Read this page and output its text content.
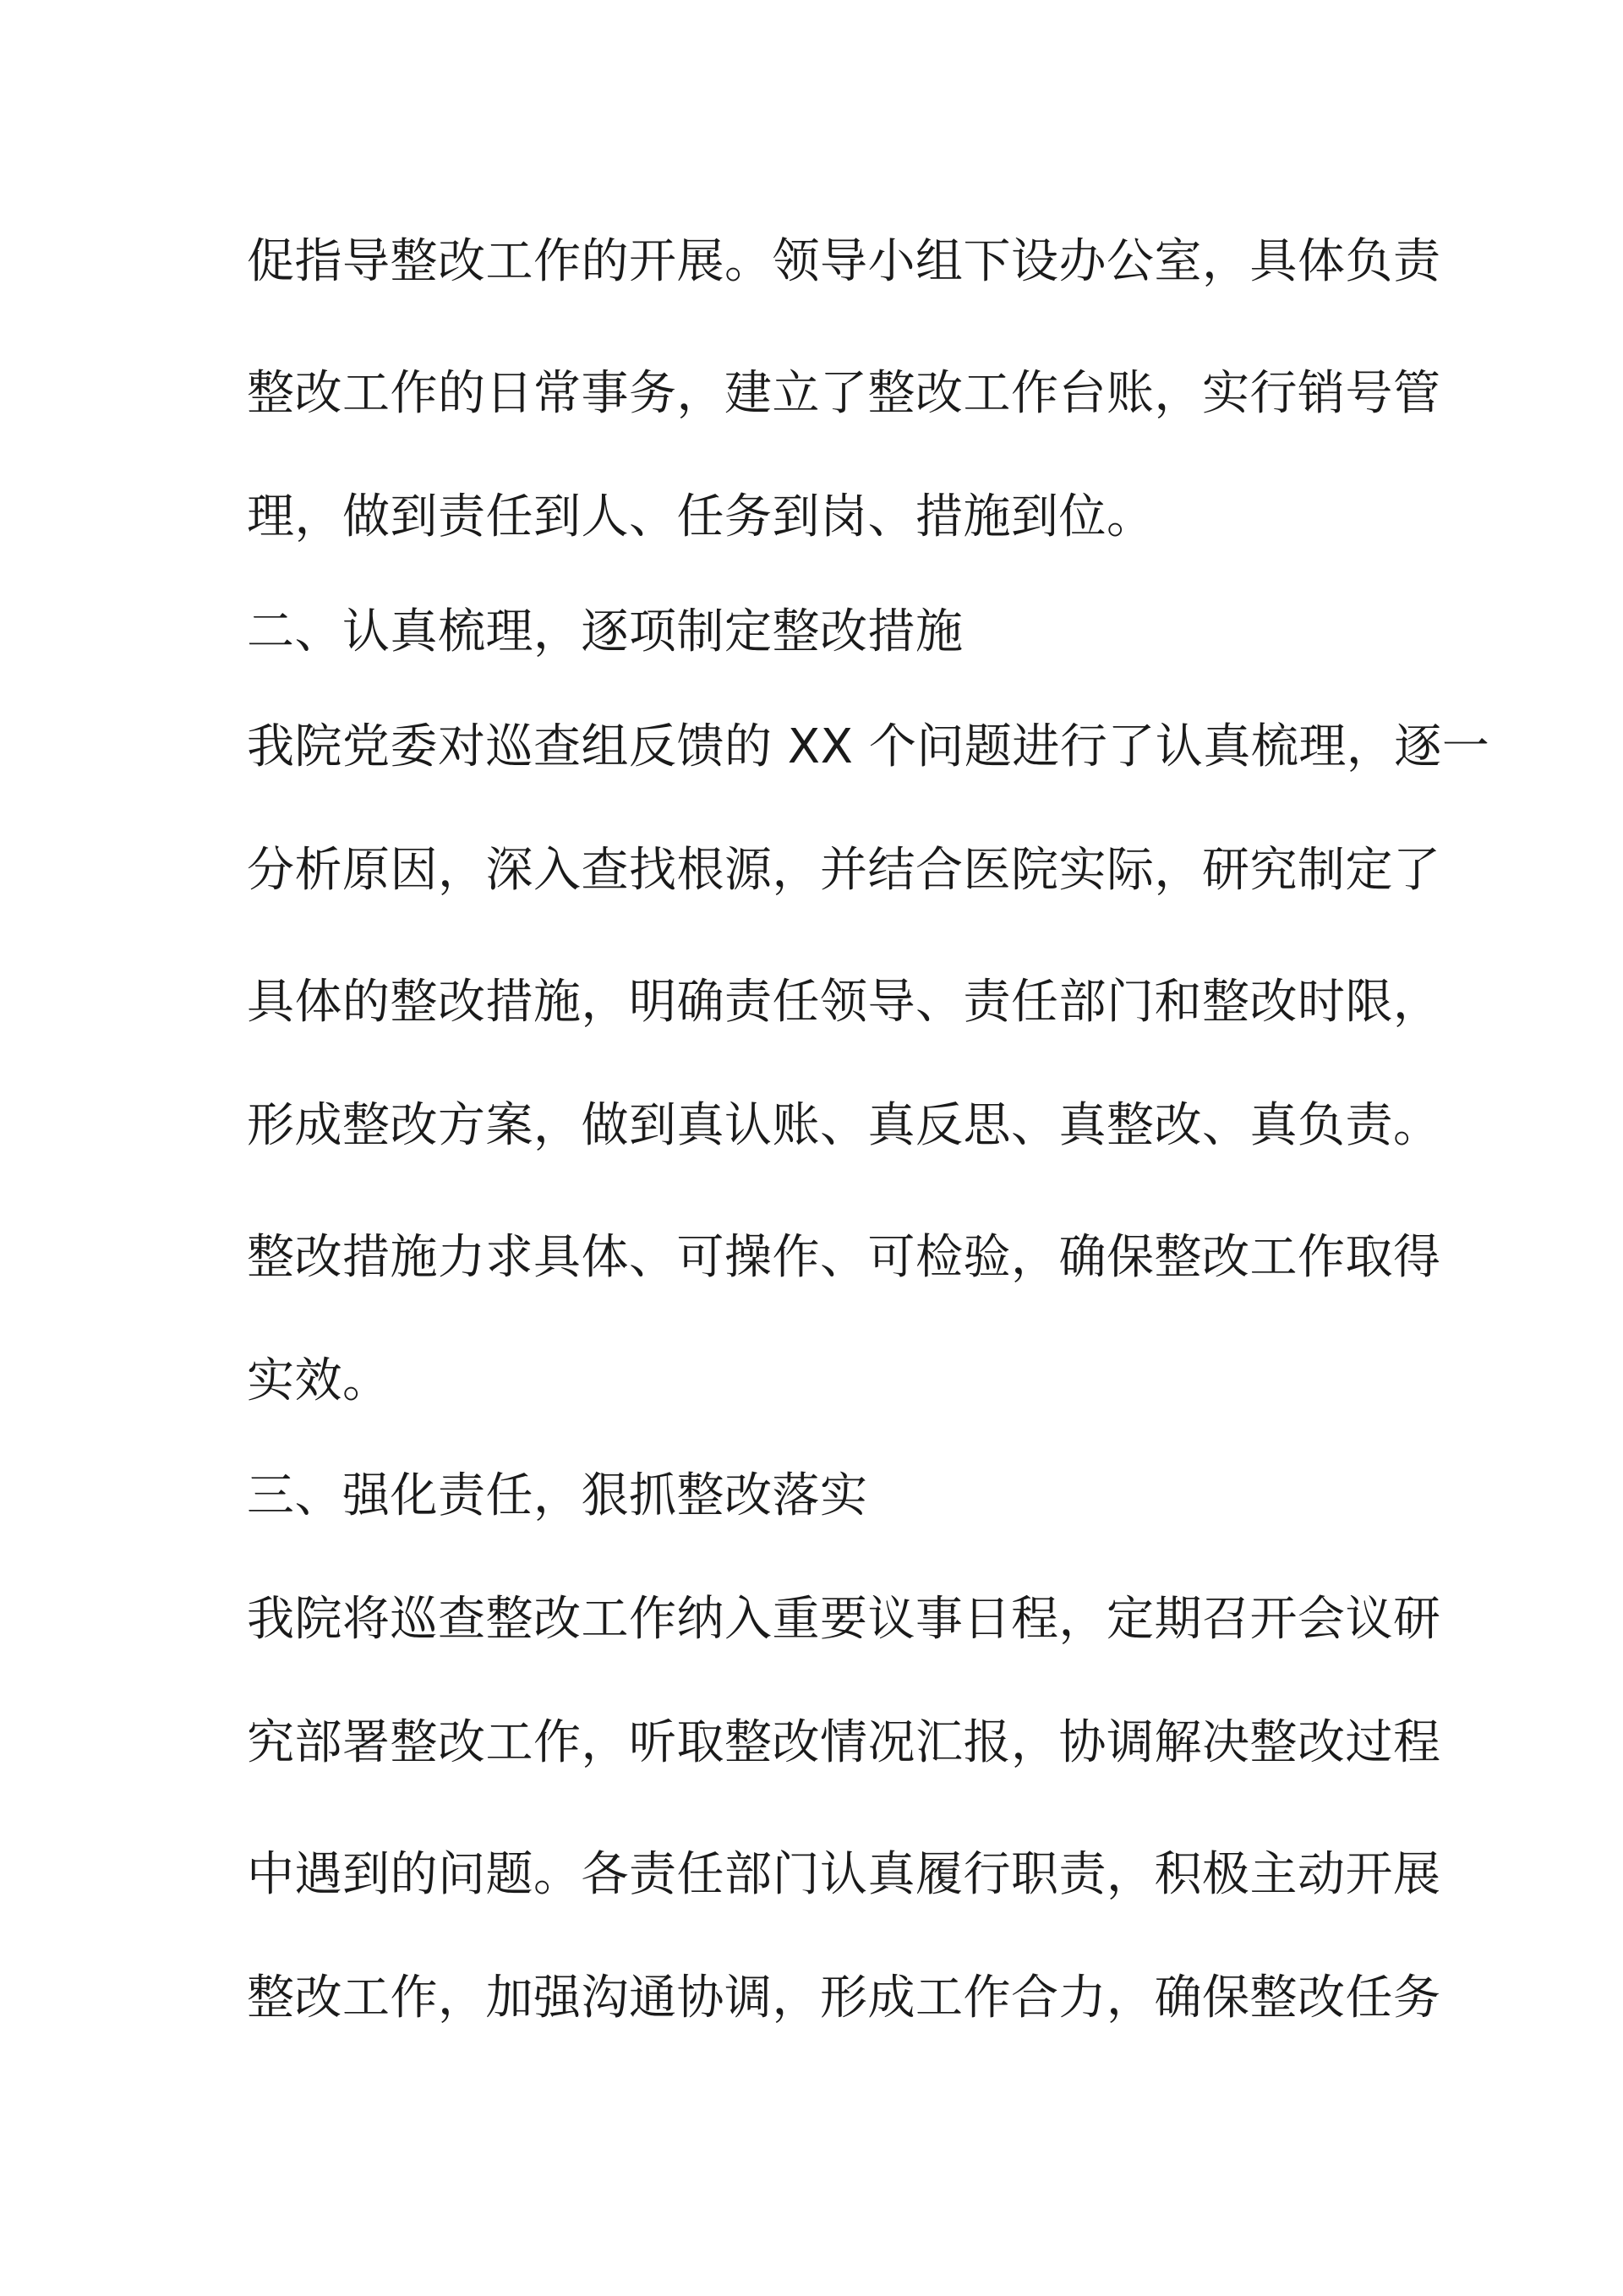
促指导整改工作的开展。领导小组下设办公室，具体负责
整改工作的日常事务，建立了整改工作台账，实行销号管
理，做到责任到人、任务到岗、措施到位。
二、认真梳理，逐项制定整改措施
我院党委对巡查组反馈的 XX 个问题进行了认真梳理，逐一
分析原因，深入查找根源，并结合医院实际，研究制定了
具体的整改措施，明确责任领导、责任部门和整改时限，
形成整改方案，做到真认账、真反思、真整改、真负责。
整改措施力求具体、可操作、可检验，确保整改工作取得
实效。
三、强化责任，狠抓整改落实
我院将巡查整改工作纳入重要议事日程，定期召开会议研
究部署整改工作，听取整改情况汇报，协调解决整改过程
中遇到的问题。各责任部门认真履行职责，积极主动开展
整改工作，加强沟通协调，形成工作合力，确保整改任务
